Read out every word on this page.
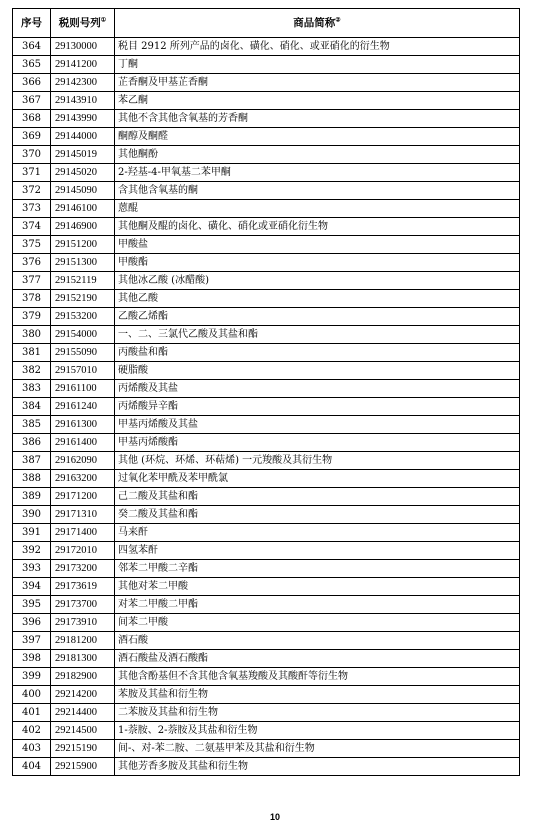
序号	税则号列①	商品简称②
364	29130000	税目 2912 所列产品的卤化、磺化、硝化、或亚硝化的衍生物
365	29141200	丁酮
366	29142300	芷香酮及甲基芷香酮
367	29143910	苯乙酮
368	29143990	其他不含其他含氧基的芳香酮
369	29144000	酮醇及酮醛
370	29145019	其他酮酚
371	29145020	2-羟基-4-甲氧基二苯甲酮
372	29145090	含其他含氧基的酮
373	29146100	蒽醌
374	29146900	其他酮及醌的卤化、磺化、硝化或亚硝化衍生物
375	29151200	甲酸盐
376	29151300	甲酸酯
377	29152119	其他冰乙酸 (冰醋酸)
378	29152190	其他乙酸
379	29153200	乙酸乙烯酯
380	29154000	一、二、三氯代乙酸及其盐和酯
381	29155090	丙酸盐和酯
382	29157010	硬脂酸
383	29161100	丙烯酸及其盐
384	29161240	丙烯酸异辛酯
385	29161300	甲基丙烯酸及其盐
386	29161400	甲基丙烯酸酯
387	29162090	其他 (环烷、环烯、环萜烯) 一元羧酸及其衍生物
388	29163200	过氧化苯甲酰及苯甲酰氯
389	29171200	己二酸及其盐和酯
390	29171310	癸二酸及其盐和酯
391	29171400	马来酐
392	29172010	四氢苯酐
393	29173200	邻苯二甲酸二辛酯
394	29173619	其他对苯二甲酸
395	29173700	对苯二甲酸二甲酯
396	29173910	间苯二甲酸
397	29181200	酒石酸
398	29181300	酒石酸盐及酒石酸酯
399	29182900	其他含酚基但不含其他含氧基羧酸及其酸酐等衍生物
400	29214200	苯胺及其盐和衍生物
401	29214400	二苯胺及其盐和衍生物
402	29214500	1-萘胺、2-萘胺及其盐和衍生物
403	29215190	间-、对-苯二胺、二氨基甲苯及其盐和衍生物
404	29215900	其他芳香多胺及其盐和衍生物
10
